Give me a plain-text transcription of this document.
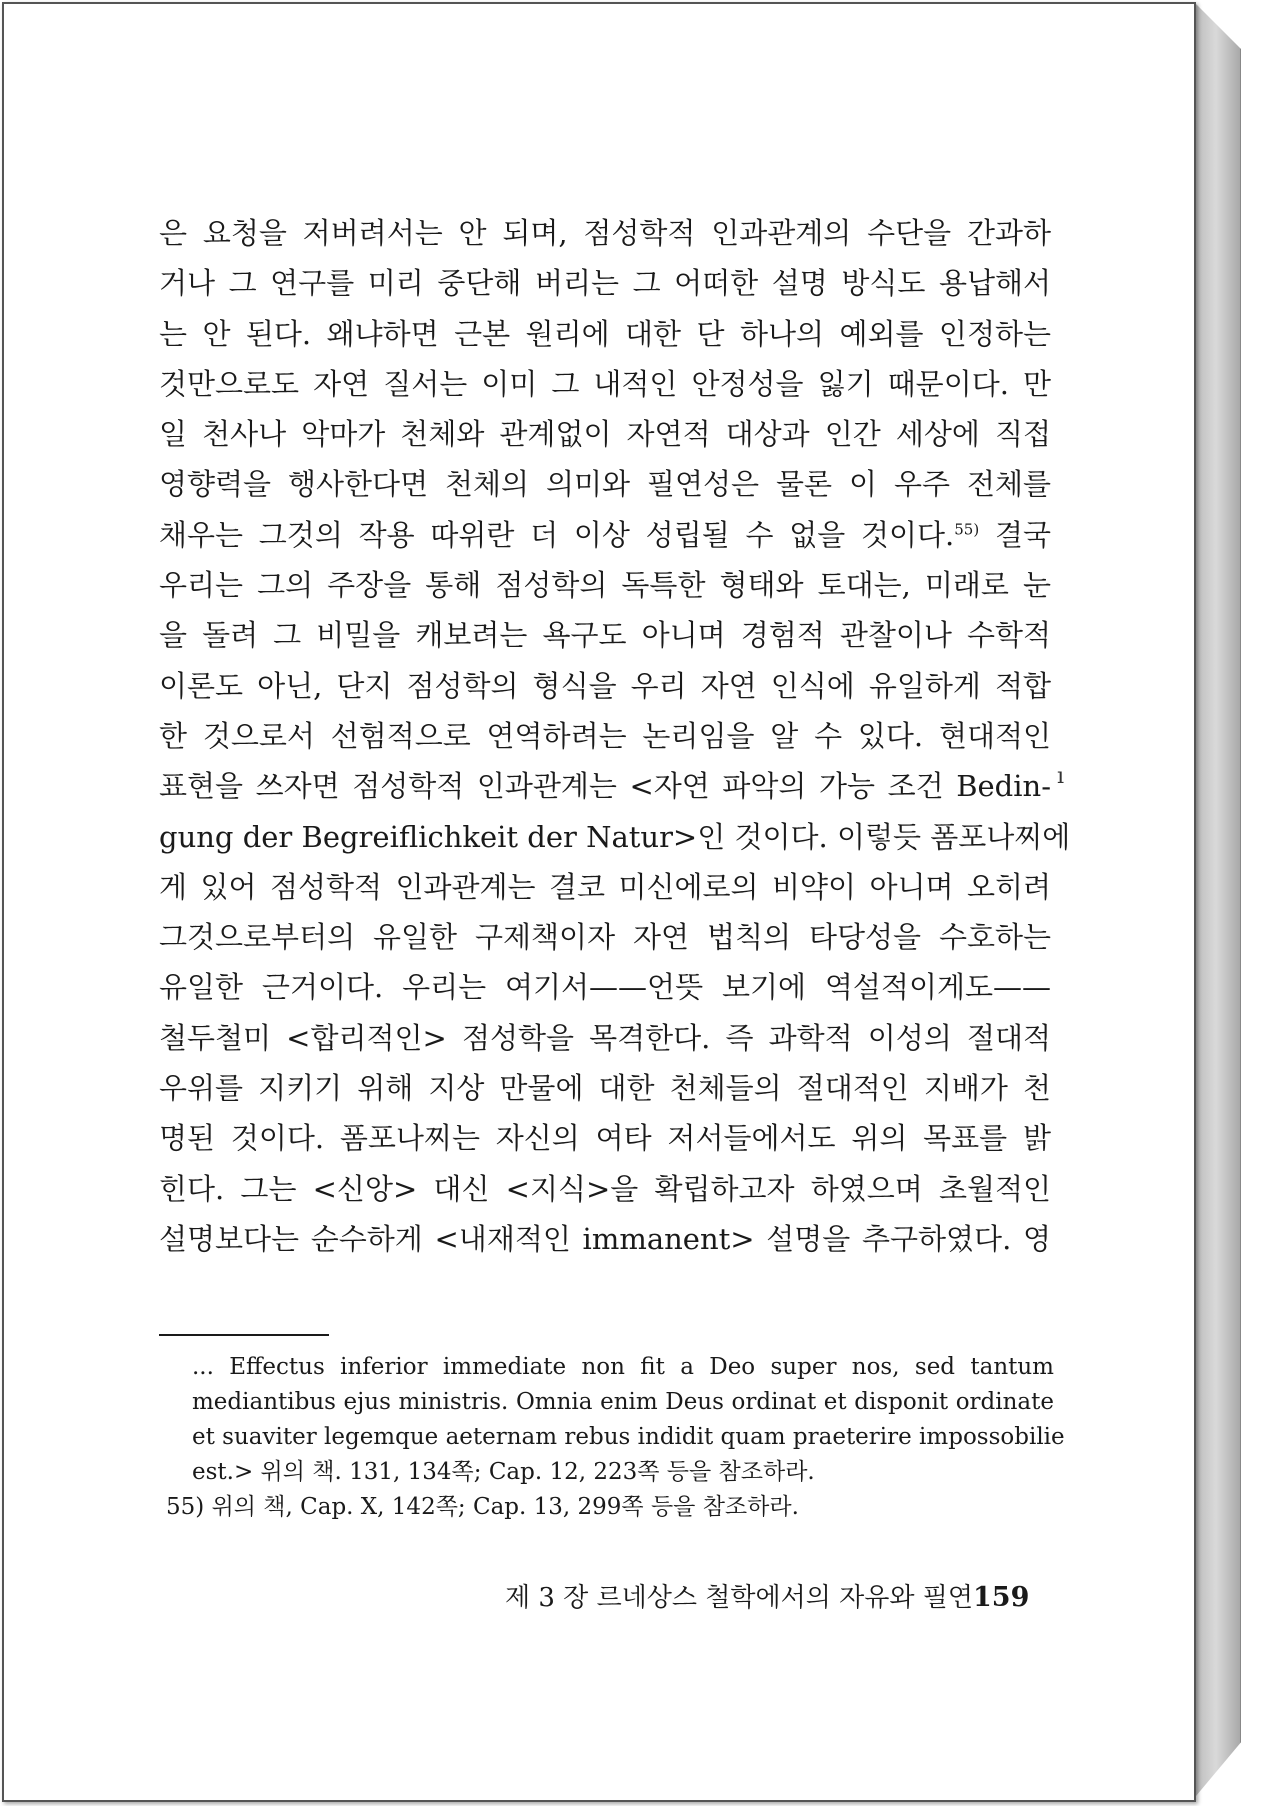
은 요청을 저버려서는 안 되며, 점성학적 인과관계의 수단을 간과하
거나 그 연구를 미리 중단해 버리는 그 어떠한 설명 방식도 용납해서
는 안 된다. 왜냐하면 근본 원리에 대한 단 하나의 예외를 인정하는
것만으로도 자연 질서는 이미 그 내적인 안정성을 잃기 때문이다. 만
일 천사나 악마가 천체와 관계없이 자연적 대상과 인간 세상에 직접
영향력을 행사한다면 천체의 의미와 필연성은 물론 이 우주 전체를
채우는 그것의 작용 따위란 더 이상 성립될 수 없을 것이다.$^{55)}$ 결국
우리는 그의 주장을 통해 점성학의 독특한 형태와 토대는, 미래로 눈
을 돌려 그 비밀을 캐보려는 욕구도 아니며 경험적 관찰이나 수학적
이론도 아닌, 단지 점성학의 형식을 우리 자연 인식에 유일하게 적합
한 것으로서 선험적으로 연역하려는 논리임을 알 수 있다. 현대적인
표현을 쓰자면 점성학적 인과관계는 <자연 파악의 가능 조건 Bedin-
gung der Begreiflichkeit der Natur>인 것이다. 이렇듯 폼포나찌에
게 있어 점성학적 인과관계는 결코 미신에로의 비약이 아니며 오히려
그것으로부터의 유일한 구제책이자 자연 법칙의 타당성을 수호하는
유일한 근거이다. 우리는 여기서——언뜻 보기에 역설적이게도——
철두철미 <합리적인> 점성학을 목격한다. 즉 과학적 이성의 절대적
우위를 지키기 위해 지상 만물에 대한 천체들의 절대적인 지배가 천
명된 것이다. 폼포나찌는 자신의 여타 저서들에서도 위의 목표를 밝
힌다. 그는 <신앙> 대신 <지식>을 확립하고자 하였으며 초월적인
설명보다는 순수하게 <내재적인 immanent> 설명을 추구하였다. 영
ı
... Effectus inferior immediate non fit a Deo super nos, sed tantum
mediantibus ejus ministris. Omnia enim Deus ordinat et disponit ordinate
et suaviter legemque aeternam rebus indidit quam praeterire impossobilie
est.> 위의 책. 131, 134쪽; Cap. 12, 223쪽 등을 참조하라.
55) 위의 책, Cap. X, 142쪽; Cap. 13, 299쪽 등을 참조하라.
제 3 장 르네상스 철학에서의 자유와 필연 159
